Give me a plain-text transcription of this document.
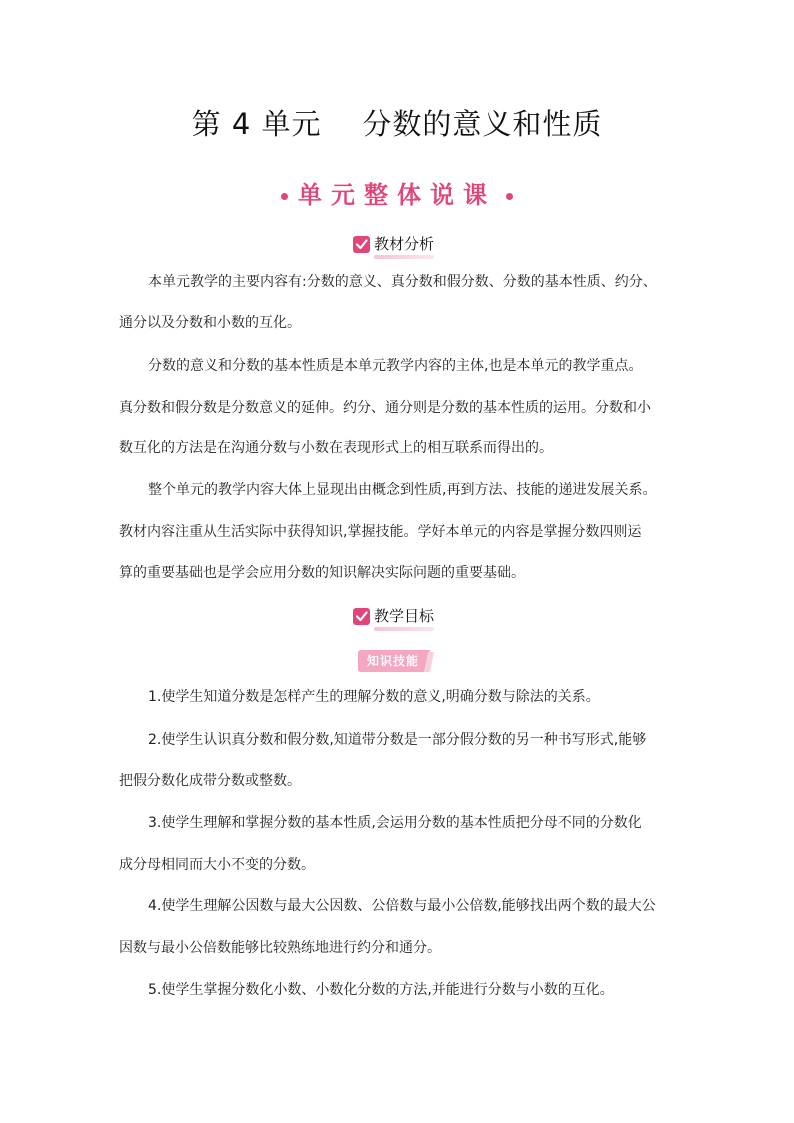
第 4 单元    分数的意义和性质
单元整体说课
教材分析
本单元教学的主要内容有:分数的意义、真分数和假分数、分数的基本性质、约分、
通分以及分数和小数的互化。
分数的意义和分数的基本性质是本单元教学内容的主体,也是本单元的教学重点。
真分数和假分数是分数意义的延伸。约分、通分则是分数的基本性质的运用。分数和小
数互化的方法是在沟通分数与小数在表现形式上的相互联系而得出的。
整个单元的教学内容大体上显现出由概念到性质,再到方法、技能的递进发展关系。
教材内容注重从生活实际中获得知识,掌握技能。学好本单元的内容是掌握分数四则运
算的重要基础也是学会应用分数的知识解决实际问题的重要基础。
教学目标
知识技能
1.使学生知道分数是怎样产生的理解分数的意义,明确分数与除法的关系。
2.使学生认识真分数和假分数,知道带分数是一部分假分数的另一种书写形式,能够
把假分数化成带分数或整数。
3.使学生理解和掌握分数的基本性质,会运用分数的基本性质把分母不同的分数化
成分母相同而大小不变的分数。
4.使学生理解公因数与最大公因数、公倍数与最小公倍数,能够找出两个数的最大公
因数与最小公倍数能够比较熟练地进行约分和通分。
5.使学生掌握分数化小数、小数化分数的方法,并能进行分数与小数的互化。
